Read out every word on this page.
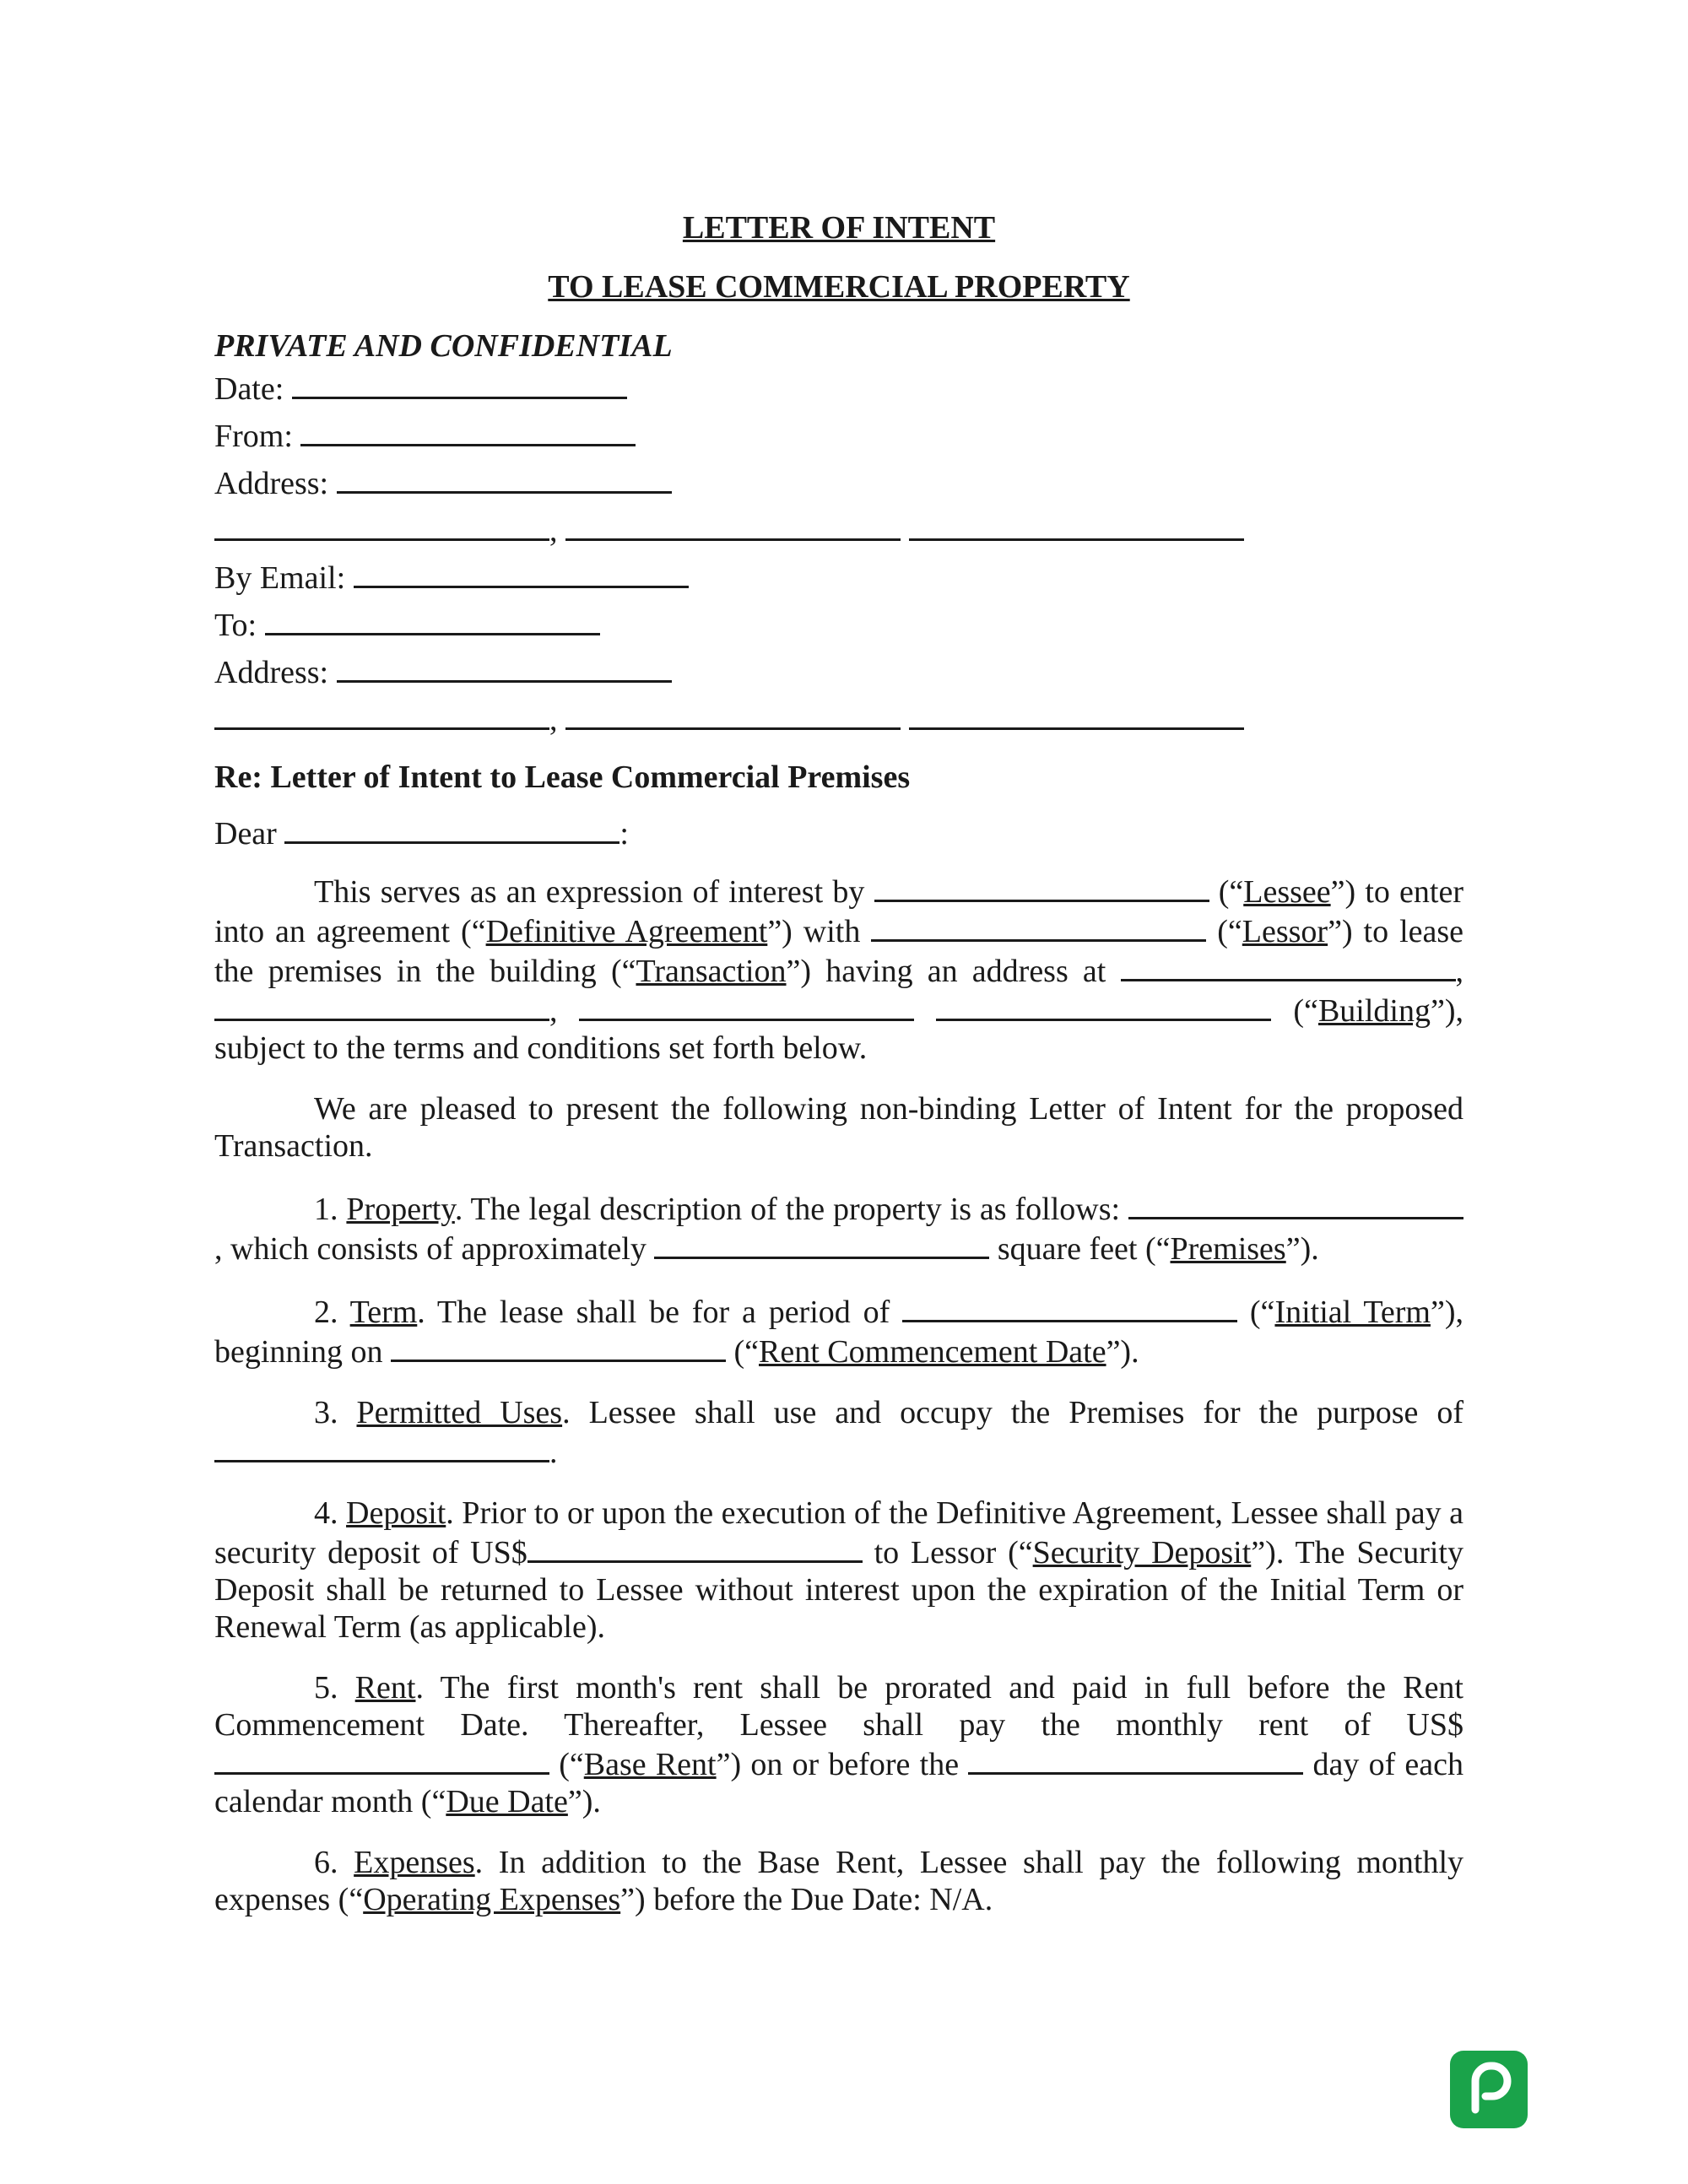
LETTER OF INTENT

TO LEASE COMMERCIAL PROPERTY

PRIVATE AND CONFIDENTIAL

Date:
From:
Address:
,
By Email:
To:
Address:
,

Re: Letter of Intent to Lease Commercial Premises

Dear	:

This serves as an expression of interest by	(“Lessee”) to enter into an agreement (“Definitive Agreement”) with	(“Lessor”) to lease the premises in the building (“Transaction”) having an address at	, ,	(“Building”), subject to the terms and conditions set forth below.

We are pleased to present the following non-binding Letter of Intent for the proposed Transaction.

1. Property. The legal description of the property is as follows: , which consists of approximately	square feet (“Premises”).

2. Term. The lease shall be for a period of	(“Initial Term”), beginning on	(“Rent Commencement Date”).

3. Permitted Uses. Lessee shall use and occupy the Premises for the purpose of .

4. Deposit. Prior to or upon the execution of the Definitive Agreement, Lessee shall pay a security deposit of US$	to Lessor (“Security Deposit”). The Security Deposit shall be returned to Lessee without interest upon the expiration of the Initial Term or Renewal Term (as applicable).

5. Rent. The first month's rent shall be prorated and paid in full before the Rent Commencement Date. Thereafter, Lessee shall pay the monthly rent of US$  (“Base Rent”) on or before the	day of each calendar month (“Due Date”).

6. Expenses. In addition to the Base Rent, Lessee shall pay the following monthly expenses (“Operating Expenses”) before the Due Date: N/A.
